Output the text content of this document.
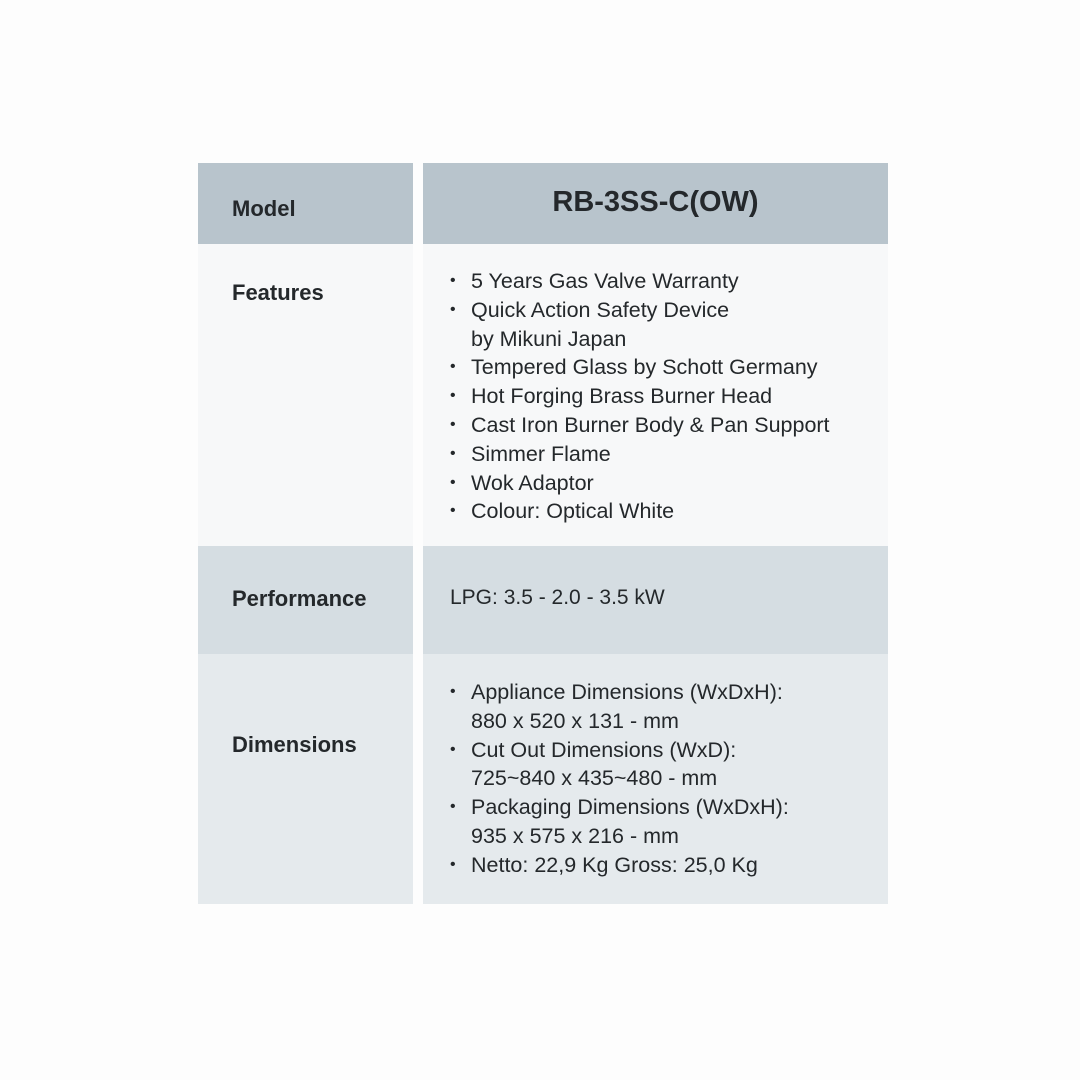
Model	RB-3SS-C(OW)
Features	• 5 Years Gas Valve Warranty
• Quick Action Safety Device
by Mikuni Japan
• Tempered Glass by Schott Germany
• Hot Forging Brass Burner Head
• Cast Iron Burner Body & Pan Support
• Simmer Flame
• Wok Adaptor
• Colour: Optical White
Performance	LPG: 3.5 - 2.0 - 3.5 kW
Dimensions
• Appliance Dimensions (WxDxH):
880 x 520 x 131 - mm
• Cut Out Dimensions (WxD):
725~840 x 435~480 - mm
• Packaging Dimensions (WxDxH):
935 x 575 x 216 - mm
• Netto: 22,9 Kg Gross: 25,0 Kg
